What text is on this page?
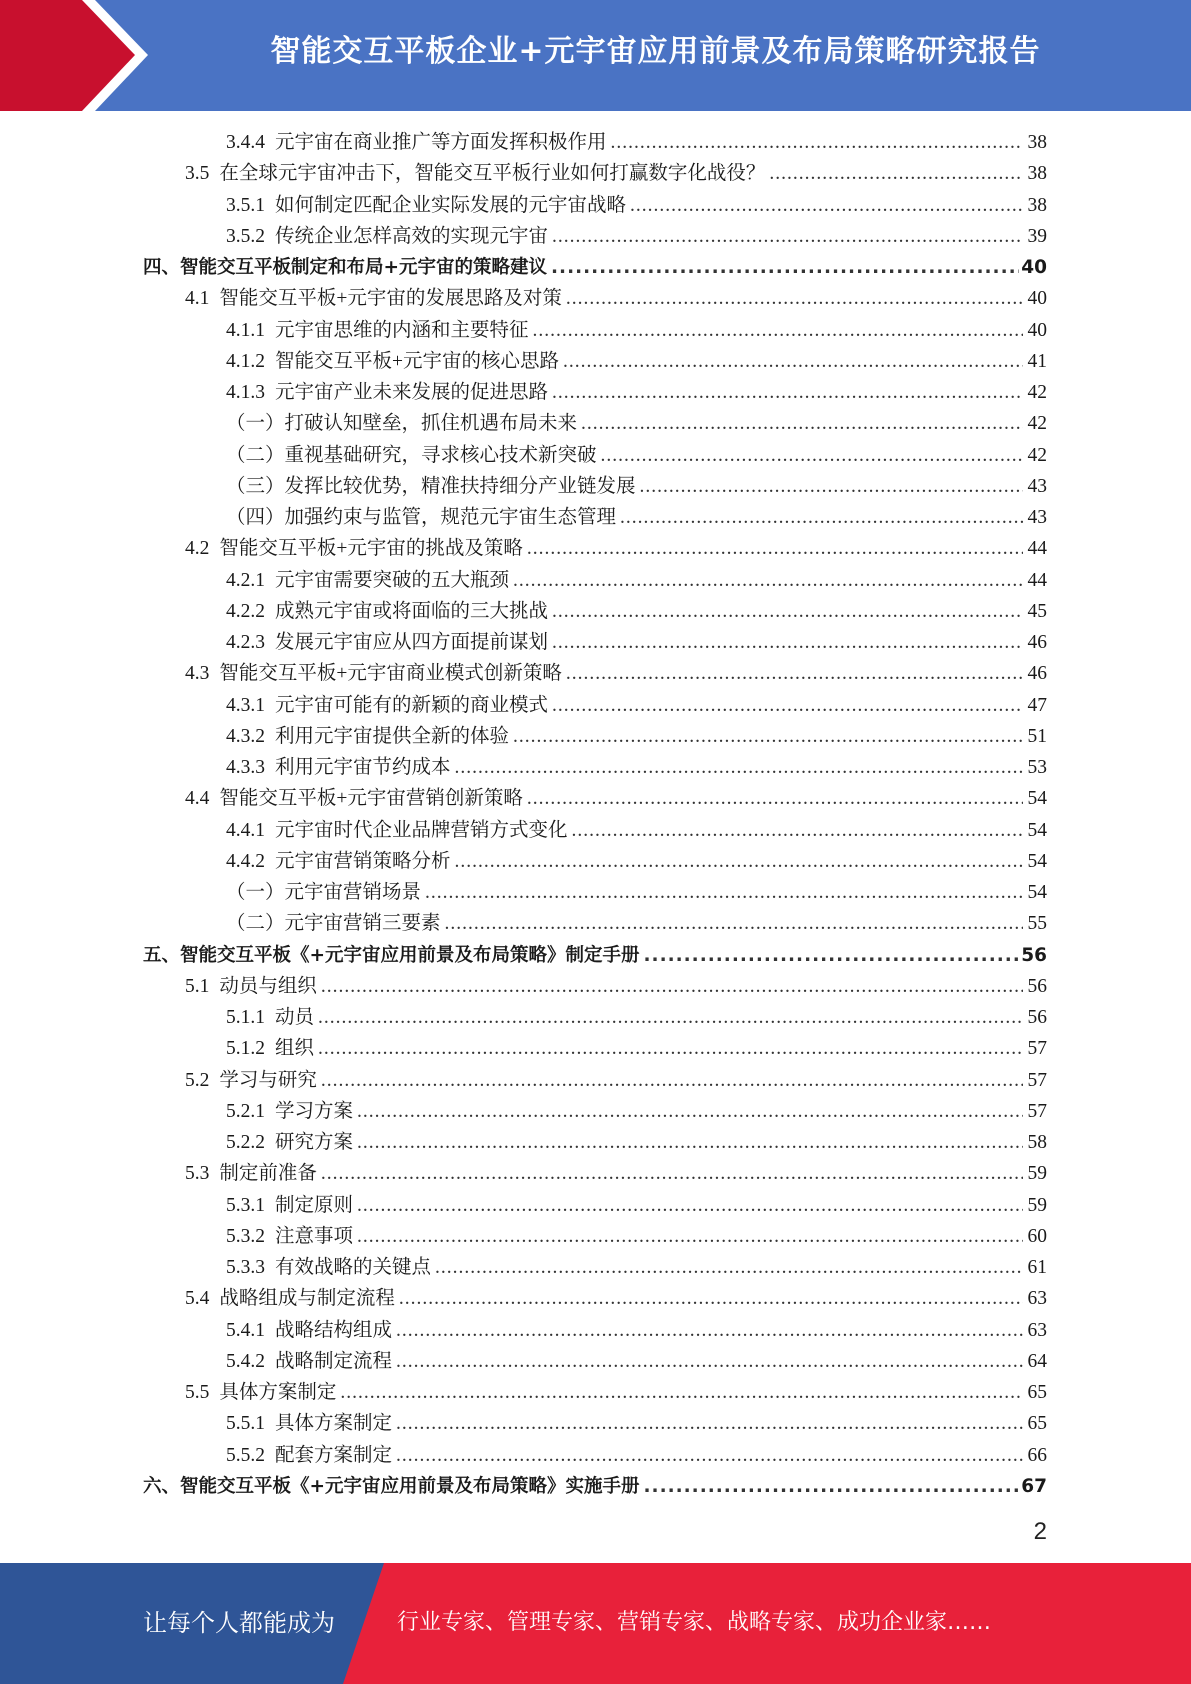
智能交互平板企业+元宇宙应用前景及布局策略研究报告
3.4.4 元宇宙在商业推广等方面发挥积极作用 .....	38
3.5 在全球元宇宙冲击下，智能交互平板行业如何打赢数字化战役？ .....	38
3.5.1 如何制定匹配企业实际发展的元宇宙战略 .....	38
3.5.2 传统企业怎样高效的实现元宇宙 .....	39
四、智能交互平板制定和布局+元宇宙的策略建议 .....	40
4.1 智能交互平板+元宇宙的发展思路及对策 .....	40
4.1.1 元宇宙思维的内涵和主要特征 .....	40
4.1.2 智能交互平板+元宇宙的核心思路 .....	41
4.1.3 元宇宙产业未来发展的促进思路 .....	42
（一）打破认知壁垒，抓住机遇布局未来 .....	42
（二）重视基础研究，寻求核心技术新突破 .....	42
（三）发挥比较优势，精准扶持细分产业链发展 .....	43
（四）加强约束与监管，规范元宇宙生态管理 .....	43
4.2 智能交互平板+元宇宙的挑战及策略 .....	44
4.2.1 元宇宙需要突破的五大瓶颈 .....	44
4.2.2 成熟元宇宙或将面临的三大挑战 .....	45
4.2.3 发展元宇宙应从四方面提前谋划 .....	46
4.3 智能交互平板+元宇宙商业模式创新策略 .....	46
4.3.1 元宇宙可能有的新颖的商业模式 .....	47
4.3.2 利用元宇宙提供全新的体验 .....	51
4.3.3 利用元宇宙节约成本 .....	53
4.4 智能交互平板+元宇宙营销创新策略 .....	54
4.4.1 元宇宙时代企业品牌营销方式变化 .....	54
4.4.2 元宇宙营销策略分析 .....	54
（一）元宇宙营销场景 .....	54
（二）元宇宙营销三要素 .....	55
五、智能交互平板《+元宇宙应用前景及布局策略》制定手册 .....	56
5.1 动员与组织 .....	56
5.1.1 动员 .....	56
5.1.2 组织 .....	57
5.2 学习与研究 .....	57
5.2.1 学习方案 .....	57
5.2.2 研究方案 .....	58
5.3 制定前准备 .....	59
5.3.1 制定原则 .....	59
5.3.2 注意事项 .....	60
5.3.3 有效战略的关键点 .....	61
5.4 战略组成与制定流程 .....	63
5.4.1 战略结构组成 .....	63
5.4.2 战略制定流程 .....	64
5.5 具体方案制定 .....	65
5.5.1 具体方案制定 .....	65
5.5.2 配套方案制定 .....	66
六、智能交互平板《+元宇宙应用前景及布局策略》实施手册 .....	67
2
让每个人都能成为	行业专家、管理专家、营销专家、战略专家、成功企业家……
